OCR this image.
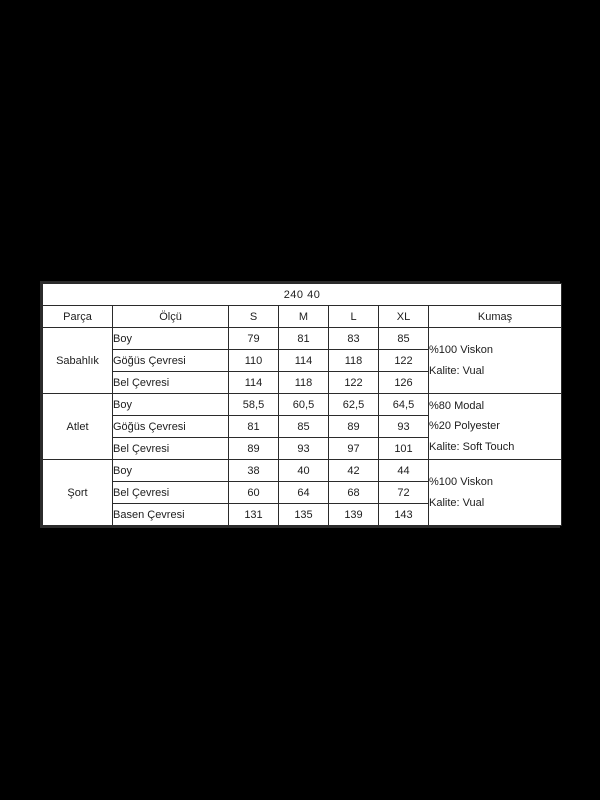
240 40						
Parça	Ölçü	S	M	L	XL	Kumaş
Sabahlık	Boy	79	81	83	85	%100 Viskon
Kalite: Vual

	Göğüs Çevresi	110	114	118	122	
	Bel Çevresi	114	118	122	126	
Atlet	Boy	58,5	60,5	62,5	64,5	%80 Modal
%20 Polyester
Kalite: Soft Touch

	Göğüs Çevresi	81	85	89	93	
	Bel Çevresi	89	93	97	101	
Şort	Boy	38	40	42	44	%100 Viskon
Kalite: Vual

	Bel Çevresi	60	64	68	72	
	Basen Çevresi	131	135	139	143	
